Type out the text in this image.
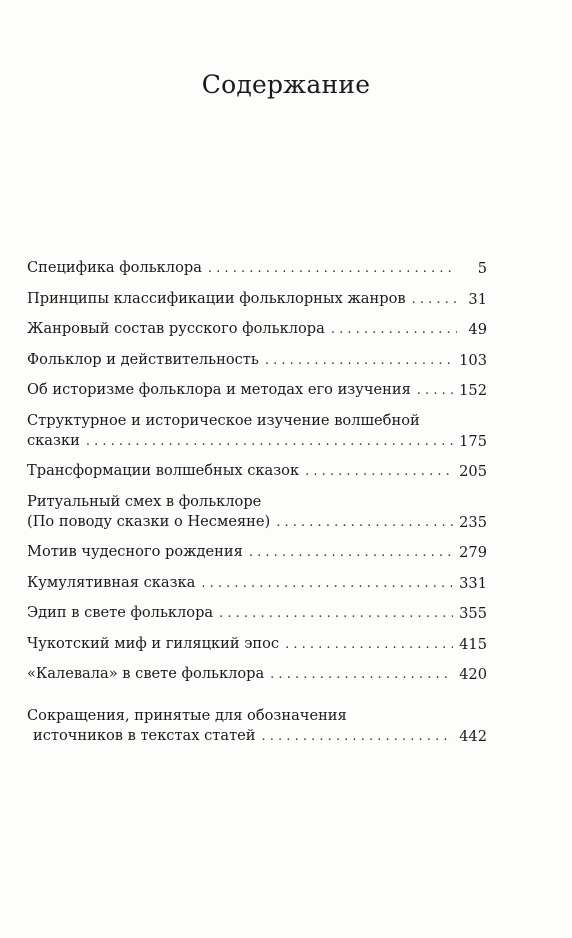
Содержание
Специфика фольклора . . .	5
Принципы классификации фольклорных жанров . . .	31
Жанровый состав русского фольклора . . .	49
Фольклор и действительность . . .	103
Об историзме фольклора и методах его изучения . . .	152
Структурное и историческое изучение волшебной
сказки . . .	175
Трансформации волшебных сказок . . .	205
Ритуальный смех в фольклоре
(По поводу сказки о Несмеяне) . . .	235
Мотив чудесного рождения . . .	279
Кумулятивная сказка . . .	331
Эдип в свете фольклора . . .	355
Чукотский миф и гиляцкий эпос . . .	415
«Калевала» в свете фольклора . . .	420
Сокращения, принятые для обозначения
источников в текстах статей . . .	442
